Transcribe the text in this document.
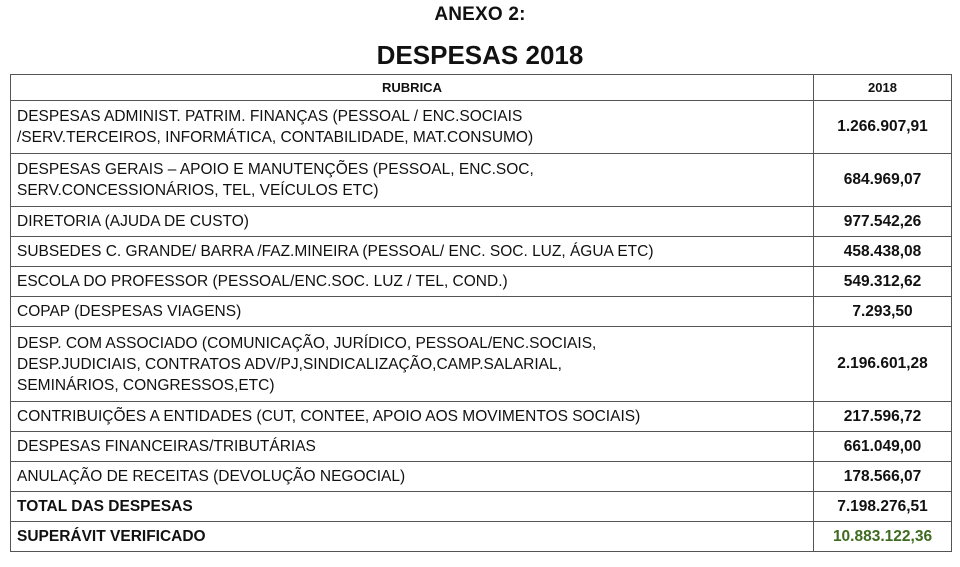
ANEXO 2:
DESPESAS 2018
RUBRICA	2018

DESPESAS ADMINIST. PATRIM. FINANÇAS (PESSOAL / ENC.SOCIAIS
/SERV.TERCEIROS, INFORMÁTICA, CONTABILIDADE, MAT.CONSUMO)	1.266.907,91

DESPESAS GERAIS – APOIO E MANUTENÇÕES (PESSOAL, ENC.SOC,
SERV.CONCESSIONÁRIOS, TEL, VEÍCULOS ETC)	684.969,07

DIRETORIA (AJUDA DE CUSTO)	977.542,26

SUBSEDES C. GRANDE/ BARRA /FAZ.MINEIRA (PESSOAL/ ENC. SOC. LUZ, ÁGUA ETC)	458.438,08

ESCOLA DO PROFESSOR (PESSOAL/ENC.SOC. LUZ / TEL, COND.)	549.312,62

COPAP (DESPESAS VIAGENS)	7.293,50

DESP. COM ASSOCIADO (COMUNICAÇÃO, JURÍDICO, PESSOAL/ENC.SOCIAIS,
DESP.JUDICIAIS, CONTRATOS ADV/PJ,SINDICALIZAÇÃO,CAMP.SALARIAL,
SEMINÁRIOS, CONGRESSOS,ETC)	2.196.601,28

CONTRIBUIÇÕES A ENTIDADES (CUT, CONTEE, APOIO AOS MOVIMENTOS SOCIAIS)	217.596,72

DESPESAS FINANCEIRAS/TRIBUTÁRIAS	661.049,00

ANULAÇÃO DE RECEITAS (DEVOLUÇÃO NEGOCIAL)	178.566,07
TOTAL DAS DESPESAS	7.198.276,51
SUPERÁVIT VERIFICADO	10.883.122,36
